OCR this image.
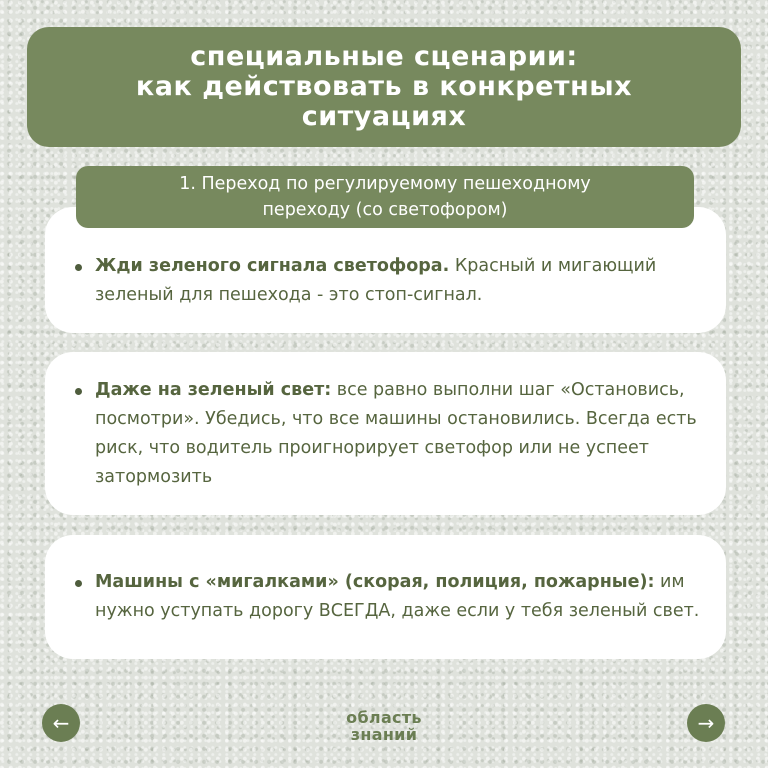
специальные сценарии:
как действовать в конкретных
ситуациях

1. Переход по регулируемому пешеходному
переходу (со светофором)

Жди зеленого сигнала светофора. Красный и мигающий зеленый для пешехода - это стоп-сигнал.

Даже на зеленый свет: все равно выполни шаг «Остановись, посмотри». Убедись, что все машины остановились. Всегда есть риск, что водитель проигнорирует светофор или не успеет затормозить

Машины с «мигалками» (скорая, полиция, пожарные): им нужно уступать дорогу ВСЕГДА, даже если у тебя зеленый свет.

←	область
знаний	→
